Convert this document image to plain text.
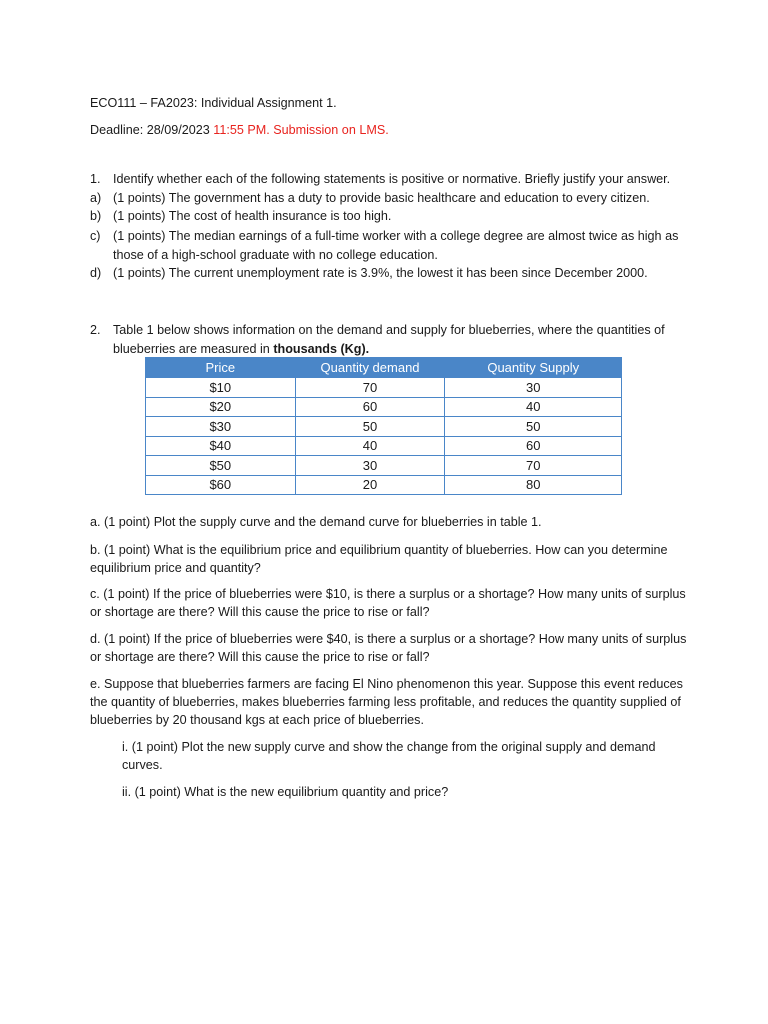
ECO111 – FA2023: Individual Assignment 1.
Deadline: 28/09/2023 11:55 PM. Submission on LMS.
1. Identify whether each of the following statements is positive or normative. Briefly justify your answer.
a) (1 points) The government has a duty to provide basic healthcare and education to every citizen.
b) (1 points) The cost of health insurance is too high.
c) (1 points) The median earnings of a full-time worker with a college degree are almost twice as high as those of a high-school graduate with no college education.
d) (1 points) The current unemployment rate is 3.9%, the lowest it has been since December 2000.
2. Table 1 below shows information on the demand and supply for blueberries, where the quantities of blueberries are measured in thousands (Kg).
Price	Quantity demand	Quantity Supply
$10	70	30
$20	60	40
$30	50	50
$40	40	60
$50	30	70
$60	20	80
a. (1 point) Plot the supply curve and the demand curve for blueberries in table 1.
b. (1 point) What is the equilibrium price and equilibrium quantity of blueberries. How can you determine equilibrium price and quantity?
c. (1 point) If the price of blueberries were $10, is there a surplus or a shortage? How many units of surplus or shortage are there? Will this cause the price to rise or fall?
d. (1 point) If the price of blueberries were $40, is there a surplus or a shortage? How many units of surplus or shortage are there? Will this cause the price to rise or fall?
e. Suppose that blueberries farmers are facing El Nino phenomenon this year. Suppose this event reduces the quantity of blueberries, makes blueberries farming less profitable, and reduces the quantity supplied of blueberries by 20 thousand kgs at each price of blueberries.
i. (1 point) Plot the new supply curve and show the change from the original supply and demand curves.
ii. (1 point) What is the new equilibrium quantity and price?
